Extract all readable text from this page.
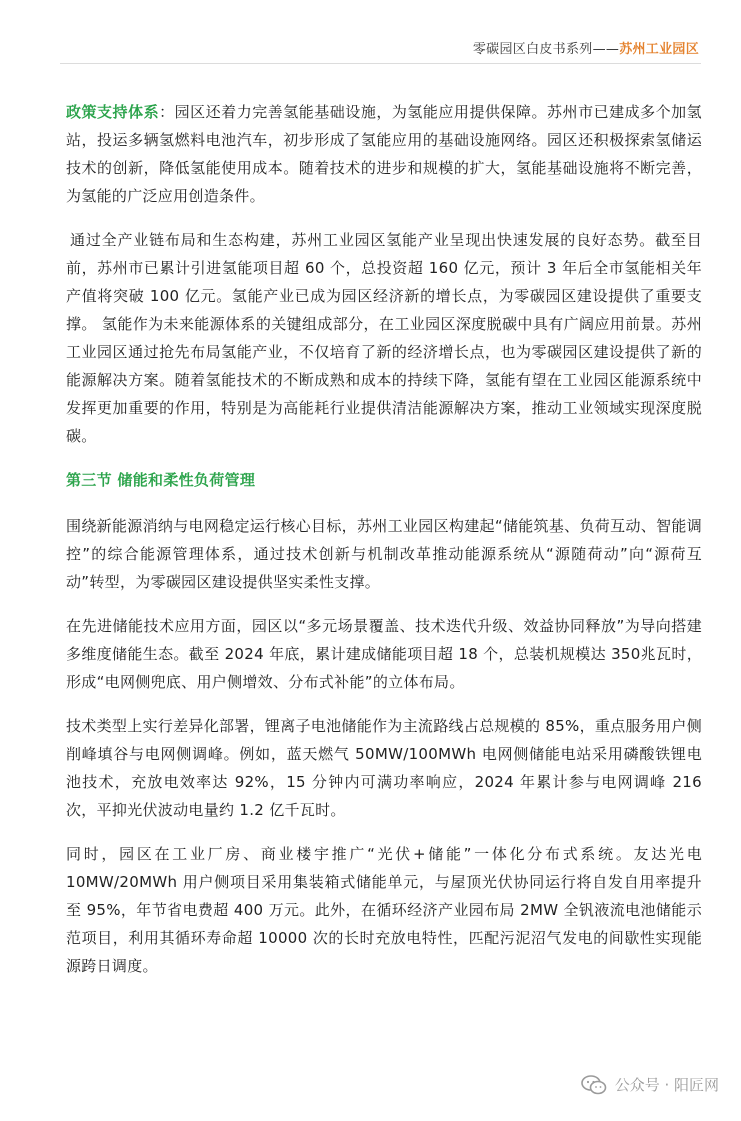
零碳园区白皮书系列——苏州工业园区

政策支持体系：园区还着力完善氢能基础设施，为氢能应用提供保障。苏州市已建成多个加氢站，投运多辆氢燃料电池汽车，初步形成了氢能应用的基础设施网络。园区还积极探索氢储运技术的创新，降低氢能使用成本。随着技术的进步和规模的扩大，氢能基础设施将不断完善，为氢能的广泛应用创造条件。

通过全产业链布局和生态构建，苏州工业园区氢能产业呈现出快速发展的良好态势。截至目前，苏州市已累计引进氢能项目超 60 个，总投资超 160 亿元，预计 3 年后全市氢能相关年产值将突破 100 亿元。氢能产业已成为园区经济新的增长点，为零碳园区建设提供了重要支撑。 氢能作为未来能源体系的关键组成部分，在工业园区深度脱碳中具有广阔应用前景。苏州工业园区通过抢先布局氢能产业，不仅培育了新的经济增长点，也为零碳园区建设提供了新的能源解决方案。随着氢能技术的不断成熟和成本的持续下降，氢能有望在工业园区能源系统中发挥更加重要的作用，特别是为高能耗行业提供清洁能源解决方案，推动工业领域实现深度脱碳。

第三节 储能和柔性负荷管理

围绕新能源消纳与电网稳定运行核心目标，苏州工业园区构建起“储能筑基、负荷互动、智能调控”的综合能源管理体系，通过技术创新与机制改革推动能源系统从“源随荷动”向“源荷互动”转型，为零碳园区建设提供坚实柔性支撑。

在先进储能技术应用方面，园区以“多元场景覆盖、技术迭代升级、效益协同释放”为导向搭建多维度储能生态。截至 2024 年底，累计建成储能项目超 18 个，总装机规模达 350兆瓦时，形成“电网侧兜底、用户侧增效、分布式补能”的立体布局。

技术类型上实行差异化部署，锂离子电池储能作为主流路线占总规模的 85%，重点服务用户侧削峰填谷与电网侧调峰。例如，蓝天燃气 50MW/100MWh 电网侧储能电站采用磷酸铁锂电池技术，充放电效率达 92%，15 分钟内可满功率响应，2024 年累计参与电网调峰 216 次，平抑光伏波动电量约 1.2 亿千瓦时。

同时，园区在工业厂房、商业楼宇推广“光伏+储能”一体化分布式系统。友达光电10MW/20MWh 用户侧项目采用集装箱式储能单元，与屋顶光伏协同运行将自发自用率提升至 95%，年节省电费超 400 万元。此外，在循环经济产业园布局 2MW 全钒液流电池储能示范项目，利用其循环寿命超 10000 次的长时充放电特性，匹配污泥沼气发电的间歇性实现能源跨日调度。

公众号 · 阳匠网
